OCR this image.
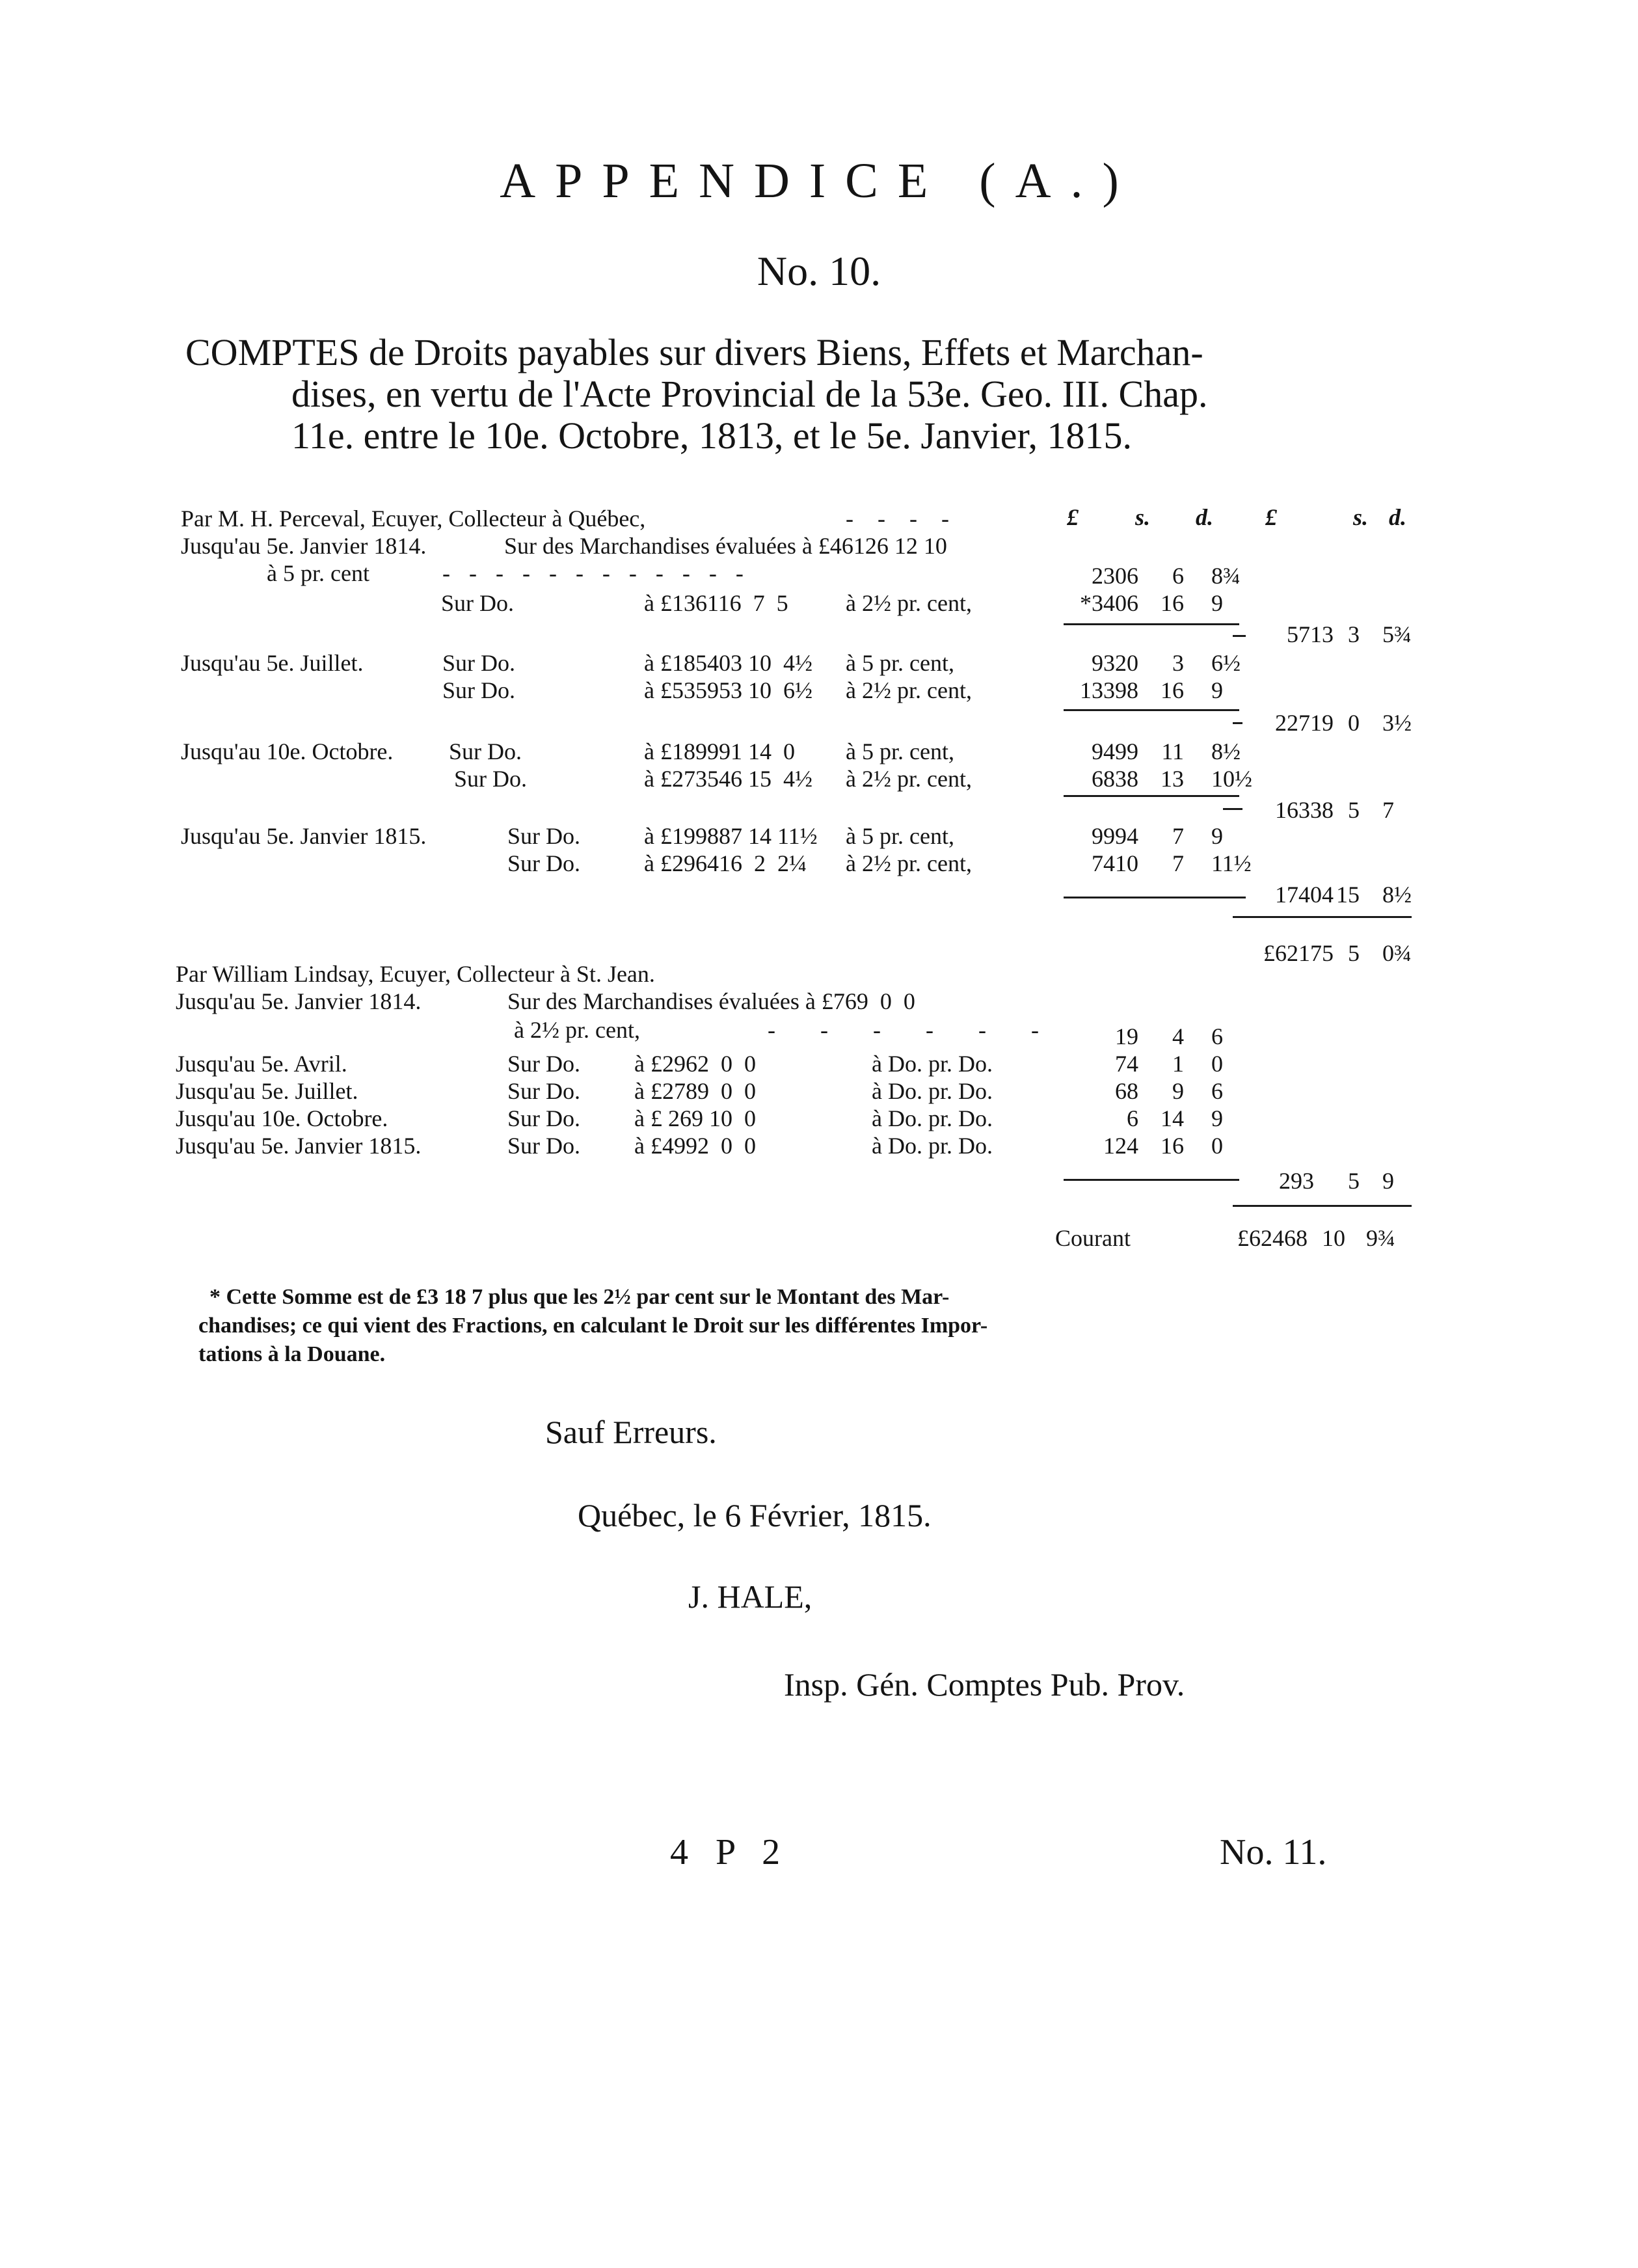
APPENDICE (A.)
No. 10.
COMPTES de Droits payables sur divers Biens, Effets et Marchan-
dises, en vertu de l'Acte Provincial de la 53e. Geo. III. Chap.
11e. entre le 10e. Octobre, 1813, et le 5e. Janvier, 1815.
Par M. H. Perceval, Ecuyer, Collecteur à Québec,	- - - -	£ s. d. £	s. d.
Jusqu'au 5e. Janvier 1814.	Sur des Marchandises évaluées à £46126 12 10
à 5 pr. cent	- - - - - - - - - - - -	2306	6 8¾
Sur Do.	à £136116  7  5 à 2½ pr. cent,	*3406 16 9
5713 3 5¾
Jusqu'au 5e. Juillet.	Sur Do.	à £185403 10  4½ à 5 pr. cent,	9320	3 6½
Sur Do.	à £535953 10  6½ à 2½ pr. cent,	13398 16 9
22719 0 3½
Jusqu'au 10e. Octobre. Sur Do.	à £189991 14  0 à 5 pr. cent,	9499 11 8½
Sur Do.	à £273546 15  4½ à 2½ pr. cent,	6838 13 10½
16338 5 7
Jusqu'au 5e. Janvier 1815.	Sur Do.	à £199887 14 11½ à 5 pr. cent,	9994	7 9
Sur Do.	à £296416  2  2¼ à 2½ pr. cent,	7410	7 11½
17404 15 8½
£62175 5 0¾
Par William Lindsay, Ecuyer, Collecteur à St. Jean.
Jusqu'au 5e. Janvier 1814.	Sur des Marchandises évaluées à £769  0  0
à 2½ pr. cent,	- - - - - -	19	4 6
Jusqu'au 5e. Avril.	Sur Do. à £2962  0  0	à Do. pr. Do.	74	1 0
Jusqu'au 5e. Juillet.	Sur Do. à £2789  0  0	à Do. pr. Do.	68	9 6
Jusqu'au 10e. Octobre.	Sur Do. à £ 269 10  0	à Do. pr. Do.	6 14 9
Jusqu'au 5e. Janvier 1815.	Sur Do. à £4992  0  0	à Do. pr. Do.	124 16 0
293	5 9
Courant	£62468 10 9¾
* Cette Somme est de £3 18 7 plus que les 2½ par cent sur le Montant des Mar-
chandises; ce qui vient des Fractions, en calculant le Droit sur les différentes Impor-
tations à la Douane.
Sauf Erreurs.
Québec, le 6 Février, 1815.
J. HALE,
Insp. Gén. Comptes Pub. Prov.
4 P 2	No. 11.
